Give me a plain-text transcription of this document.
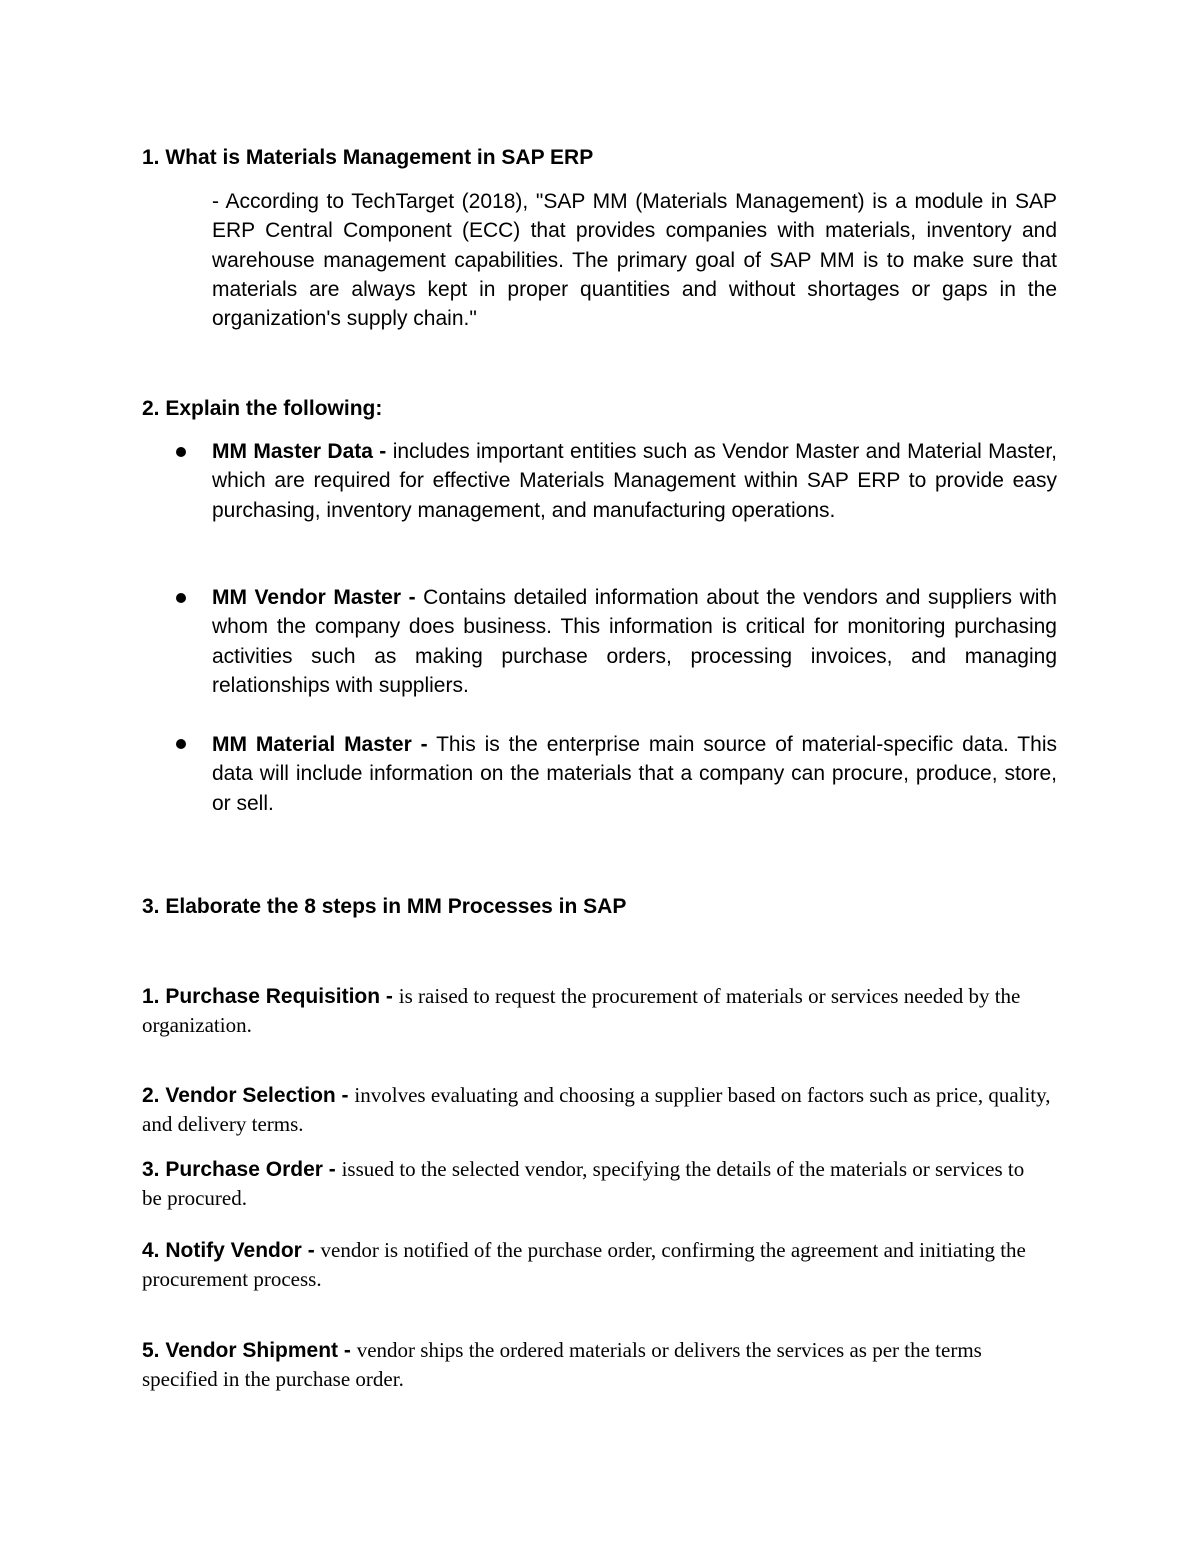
1. What is Materials Management in SAP ERP
- According to TechTarget (2018), "SAP MM (Materials Management) is a module in SAP ERP Central Component (ECC) that provides companies with materials, inventory and warehouse management capabilities. The primary goal of SAP MM is to make sure that materials are always kept in proper quantities and without shortages or gaps in the organization's supply chain."
2. Explain the following:
MM Master Data - includes important entities such as Vendor Master and Material Master, which are required for effective Materials Management within SAP ERP to provide easy purchasing, inventory management, and manufacturing operations.
MM Vendor Master - Contains detailed information about the vendors and suppliers with whom the company does business. This information is critical for monitoring purchasing activities such as making purchase orders, processing invoices, and managing relationships with suppliers.
MM Material Master - This is the enterprise main source of material-specific data. This data will include information on the materials that a company can procure, produce, store, or sell.
3. Elaborate the 8 steps in MM Processes in SAP
1. Purchase Requisition - is raised to request the procurement of materials or services needed by the organization.
2. Vendor Selection - involves evaluating and choosing a supplier based on factors such as price, quality, and delivery terms.
3. Purchase Order - issued to the selected vendor, specifying the details of the materials or services to be procured.
4. Notify Vendor - vendor is notified of the purchase order, confirming the agreement and initiating the procurement process.
5. Vendor Shipment - vendor ships the ordered materials or delivers the services as per the terms specified in the purchase order.
